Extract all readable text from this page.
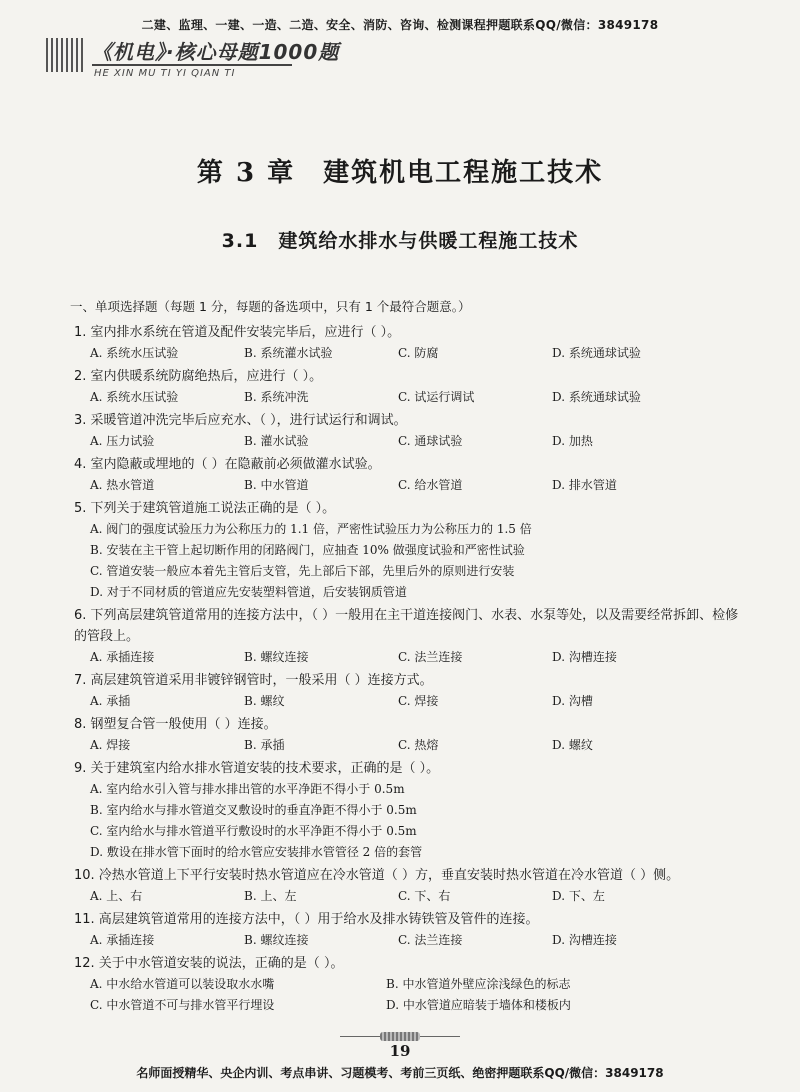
二建、监理、一建、一造、二造、安全、消防、咨询、检测课程押题联系QQ/微信：3849178
《机电》·核心母题1000题
HE XIN MU TI YI QIAN TI
第 3 章　建筑机电工程施工技术
3.1　建筑给水排水与供暖工程施工技术
一、单项选择题（每题 1 分，每题的备选项中，只有 1 个最符合题意。）
1. 室内排水系统在管道及配件安装完毕后，应进行（ ）。
A. 系统水压试验	B. 系统灌水试验	C. 防腐	D. 系统通球试验
2. 室内供暖系统防腐绝热后，应进行（ ）。
A. 系统水压试验	B. 系统冲洗	C. 试运行调试	D. 系统通球试验
3. 采暖管道冲洗完毕后应充水、（ ），进行试运行和调试。
A. 压力试验	B. 灌水试验	C. 通球试验	D. 加热
4. 室内隐蔽或埋地的（ ）在隐蔽前必须做灌水试验。
A. 热水管道	B. 中水管道	C. 给水管道	D. 排水管道
5. 下列关于建筑管道施工说法正确的是（ ）。
A. 阀门的强度试验压力为公称压力的 1.1 倍，严密性试验压力为公称压力的 1.5 倍
B. 安装在主干管上起切断作用的闭路阀门，应抽查 10% 做强度试验和严密性试验
C. 管道安装一般应本着先主管后支管，先上部后下部，先里后外的原则进行安装
D. 对于不同材质的管道应先安装塑料管道，后安装钢质管道
6. 下列高层建筑管道常用的连接方法中，（ ）一般用在主干道连接阀门、水表、水泵等处，以及需要经常拆卸、检修的管段上。
A. 承插连接	B. 螺纹连接	C. 法兰连接	D. 沟槽连接
7. 高层建筑管道采用非镀锌钢管时，一般采用（ ）连接方式。
A. 承插	B. 螺纹	C. 焊接	D. 沟槽
8. 钢塑复合管一般使用（ ）连接。
A. 焊接	B. 承插	C. 热熔	D. 螺纹
9. 关于建筑室内给水排水管道安装的技术要求，正确的是（ ）。
A. 室内给水引入管与排水排出管的水平净距不得小于 0.5m
B. 室内给水与排水管道交叉敷设时的垂直净距不得小于 0.5m
C. 室内给水与排水管道平行敷设时的水平净距不得小于 0.5m
D. 敷设在排水管下面时的给水管应安装排水管管径 2 倍的套管
10. 冷热水管道上下平行安装时热水管道应在冷水管道（ ）方，垂直安装时热水管道在冷水管道（ ）侧。
A. 上、右	B. 上、左	C. 下、右	D. 下、左
11. 高层建筑管道常用的连接方法中，（ ）用于给水及排水铸铁管及管件的连接。
A. 承插连接	B. 螺纹连接	C. 法兰连接	D. 沟槽连接
12. 关于中水管道安装的说法，正确的是（ ）。
A. 中水给水管道可以装设取水水嘴	B. 中水管道外壁应涂浅绿色的标志
C. 中水管道不可与排水管平行埋设	D. 中水管道应暗装于墙体和楼板内
19
名师面授精华、央企内训、考点串讲、习题模考、考前三页纸、绝密押题联系QQ/微信：3849178
